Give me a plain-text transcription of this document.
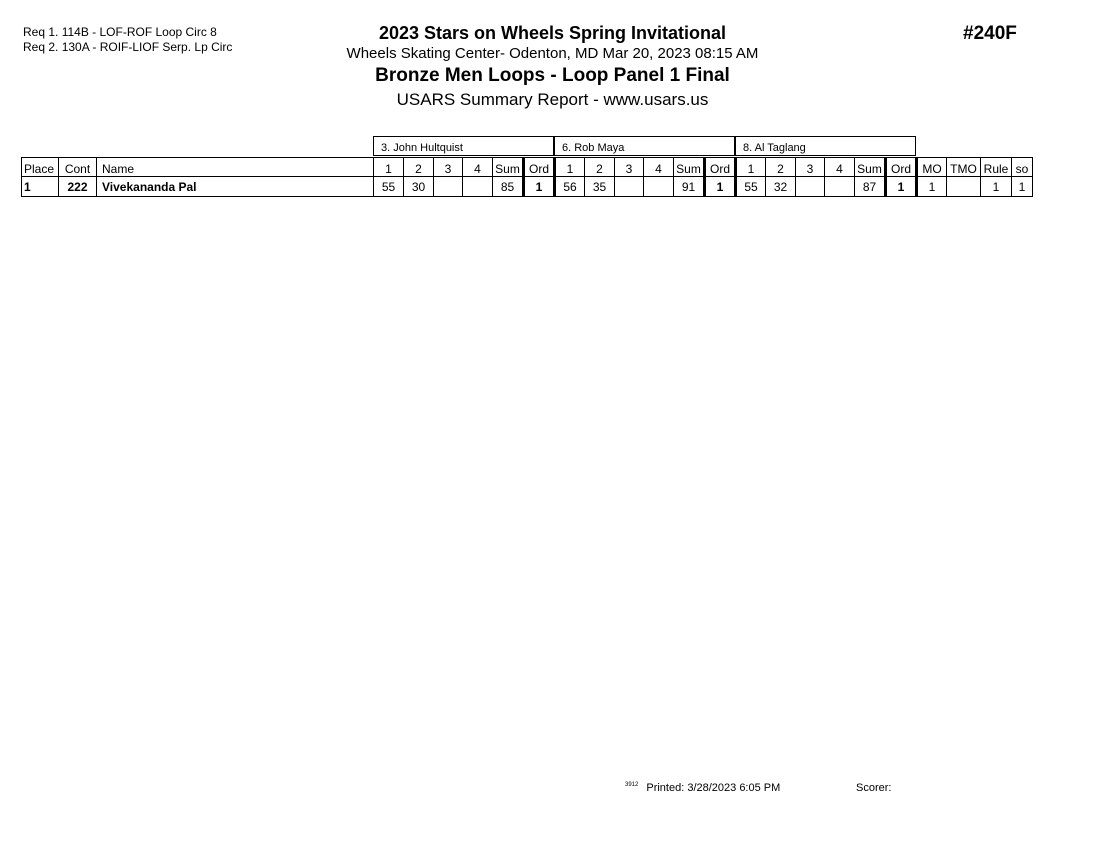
Req 1. 114B - LOF-ROF Loop Circ 8
Req 2. 130A - ROIF-LIOF Serp. Lp Circ
2023 Stars on Wheels Spring Invitational
Wheels Skating Center- Odenton, MD Mar 20, 2023 08:15 AM
Bronze Men Loops - Loop Panel 1 Final
USARS Summary Report - www.usars.us
#240F
3. John Hultquist	6. Rob Maya	8. Al Taglang
Place	Cont	Name	1	2	3	4	Sum	Ord	1	2	3	4	Sum	Ord	1	2	3	4	Sum	Ord	MO	TMO	Rule	so
1	222	Vivekananda Pal	55	30			85	1	56	35			91	1	55	32			87	1	1		1	1
$^{3912}$ Printed: 3/28/2023 6:05 PM	Scorer:
